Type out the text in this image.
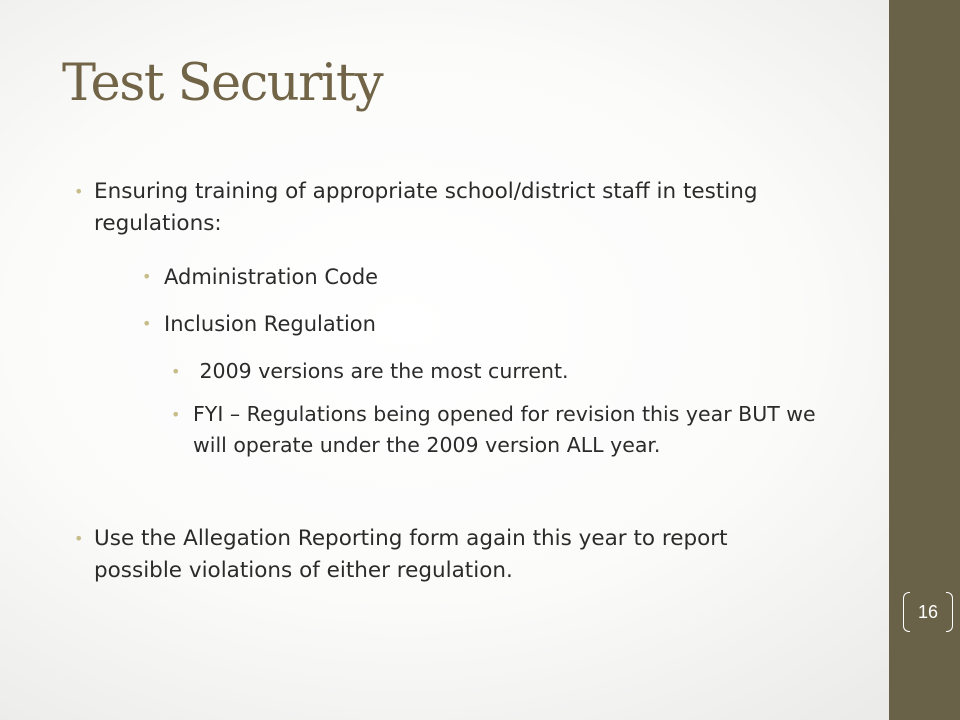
Test Security
• Ensuring training of appropriate school/district staff in testing regulations:
• Administration Code
• Inclusion Regulation
• 2009 versions are the most current.
• FYI – Regulations being opened for revision this year BUT we will operate under the 2009 version ALL year.
• Use the Allegation Reporting form again this year to report possible violations of either regulation.
16
